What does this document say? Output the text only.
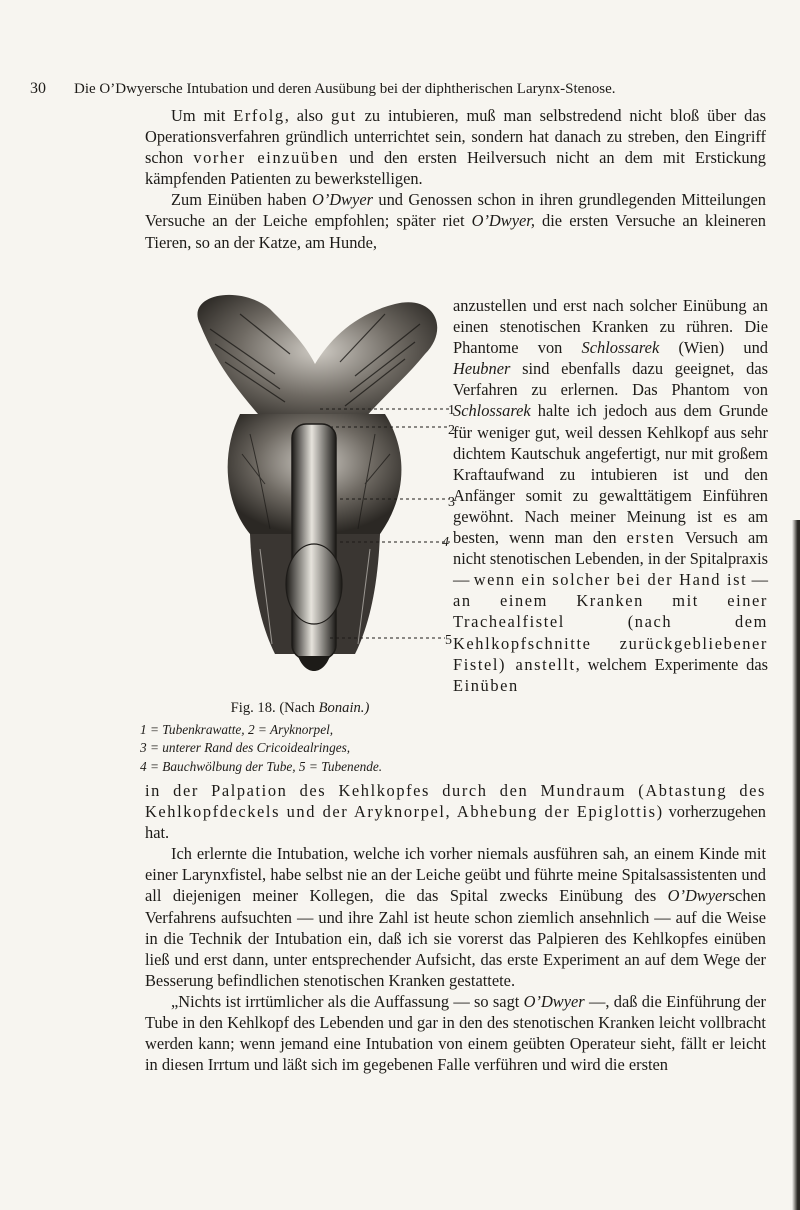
30 Die O’Dwyersche Intubation und deren Ausübung bei der diphtherischen Larynx-Stenose.

Um mit Erfolg, also gut zu intubieren, muß man selbstredend nicht bloß über das Operationsverfahren gründlich unterrichtet sein, sondern hat danach zu streben, den Eingriff schon vorher einzuüben und den ersten Heilversuch nicht an dem mit Erstickung kämpfenden Patienten zu bewerkstelligen.

Zum Einüben haben O’Dwyer und Genossen schon in ihren grundlegenden Mitteilungen Versuche an der Leiche empfohlen; später riet O’Dwyer, die ersten Versuche an kleineren Tieren, so an der Katze, am Hunde,

anzustellen und erst nach solcher Einübung an einen stenotischen Kranken zu rühren. Die Phantome von Schlossarek (Wien) und Heubner sind ebenfalls dazu geeignet, das Verfahren zu erlernen. Das Phantom von Schlossarek halte ich jedoch aus dem Grunde für weniger gut, weil dessen Kehlkopf aus sehr dichtem Kautschuk angefertigt, nur mit großem Kraftaufwand zu intubieren ist und den Anfänger somit zu gewalttätigem Einführen gewöhnt. Nach meiner Meinung ist es am besten, wenn man den ersten Versuch am nicht stenotischen Lebenden, in der Spitalpraxis — wenn ein solcher bei der Hand ist — an einem Kranken mit einer Trachealfistel (nach dem Kehlkopfschnitte zurückgebliebener Fistel) anstellt, welchem Experimente das Einüben

1
2
3
4
5

Fig. 18. (Nach Bonain.)

1 = Tubenkrawatte, 2 = Aryknorpel,

3 = unterer Rand des Cricoidealringes,

4 = Bauchwölbung der Tube, 5 = Tubenende.

in der Palpation des Kehlkopfes durch den Mundraum (Abtastung des Kehlkopfdeckels und der Aryknorpel, Abhebung der Epiglottis) vorherzugehen hat.

Ich erlernte die Intubation, welche ich vorher niemals ausführen sah, an einem Kinde mit einer Larynxfistel, habe selbst nie an der Leiche geübt und führte meine Spitalsassistenten und all diejenigen meiner Kollegen, die das Spital zwecks Einübung des O’Dwyerschen Verfahrens aufsuchten — und ihre Zahl ist heute schon ziemlich ansehnlich — auf die Weise in die Technik der Intubation ein, daß ich sie vorerst das Palpieren des Kehlkopfes einüben ließ und erst dann, unter entsprechender Aufsicht, das erste Experiment an auf dem Wege der Besserung befindlichen stenotischen Kranken gestattete.

„Nichts ist irrtümlicher als die Auffassung — so sagt O’Dwyer —, daß die Einführung der Tube in den Kehlkopf des Lebenden und gar in den des stenotischen Kranken leicht vollbracht werden kann; wenn jemand eine Intubation von einem geübten Operateur sieht, fällt er leicht in diesen Irrtum und läßt sich im gegebenen Falle verführen und wird die ersten
